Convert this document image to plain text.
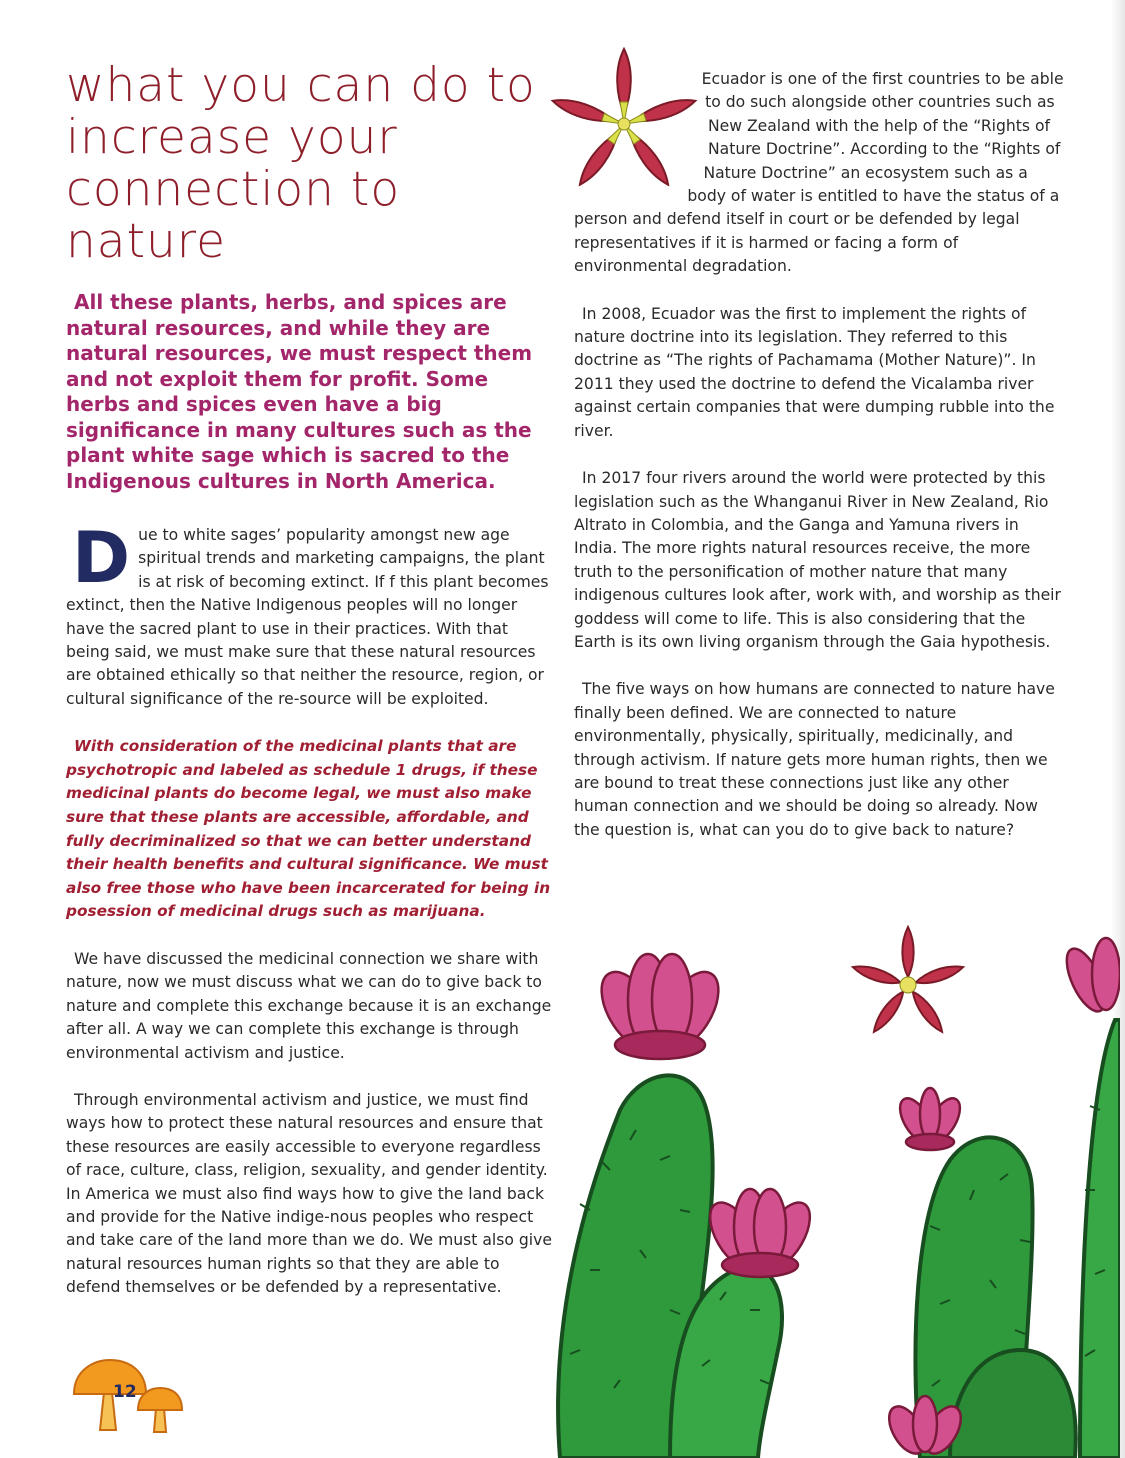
what you can do to increase your connection to nature

All these plants, herbs, and spices are natural resources, and while they are natural resources, we must respect them and not exploit them for profit. Some herbs and spices even have a big significance in many cultures such as the plant white sage which is sacred to the Indigenous cultures in North America.

Due to white sages’ popularity amongst new age spiritual trends and marketing campaigns, the plant is at risk of becoming extinct. If f this plant becomes extinct, then the Native Indigenous peoples will no longer have the sacred plant to use in their practices. With that being said, we must make sure that these natural resources are obtained ethically so that neither the resource, region, or cultural significance of the re-source will be exploited.

With consideration of the medicinal plants that are psychotropic and labeled as schedule 1 drugs, if these medicinal plants do become legal, we must also make sure that these plants are accessible, affordable, and fully decriminalized so that we can better understand their health benefits and cultural significance. We must also free those who have been incarcerated for being in posession of medicinal drugs such as marijuana.

We have discussed the medicinal connection we share with nature, now we must discuss what we can do to give back to nature and complete this exchange because it is an exchange after all. A way we can complete this exchange is through environmental activism and justice.

Through environmental activism and justice, we must find ways how to protect these natural resources and ensure that these resources are easily accessible to everyone regardless of race, culture, class, religion, sexuality, and gender identity. In America we must also find ways how to give the land back and provide for the Native indige-nous peoples who respect and take care of the land more than we do. We must also give natural resources human rights so that they are able to defend themselves or be defended by a representative.

Ecuador is one of the first countries to be able to do such alongside other countries such as New Zealand with the help of the “Rights of Nature Doctrine”. According to the “Rights of Nature Doctrine” an ecosystem such as a body of water is entitled to have the status of a person and defend itself in court or be defended by legal representatives if it is harmed or facing a form of environmental degradation.

In 2008, Ecuador was the first to implement the rights of nature doctrine into its legislation. They referred to this doctrine as “The rights of Pachamama (Mother Nature)”. In 2011 they used the doctrine to defend the Vicalamba river against certain companies that were dumping rubble into the river.

In 2017 four rivers around the world were protected by this legislation such as the Whanganui River in New Zealand, Rio Altrato in Colombia, and the Ganga and Yamuna rivers in India. The more rights natural resources receive, the more truth to the personification of mother nature that many indigenous cultures look after, work with, and worship as their goddess will come to life. This is also considering that the Earth is its own living organism through the Gaia hypothesis.

The five ways on how humans are connected to nature have finally been defined. We are connected to nature environmentally, physically, spiritually, medicinally, and through activism. If nature gets more human rights, then we are bound to treat these connections just like any other human connection and we should be doing so already. Now the question is, what can you do to give back to nature?

12
